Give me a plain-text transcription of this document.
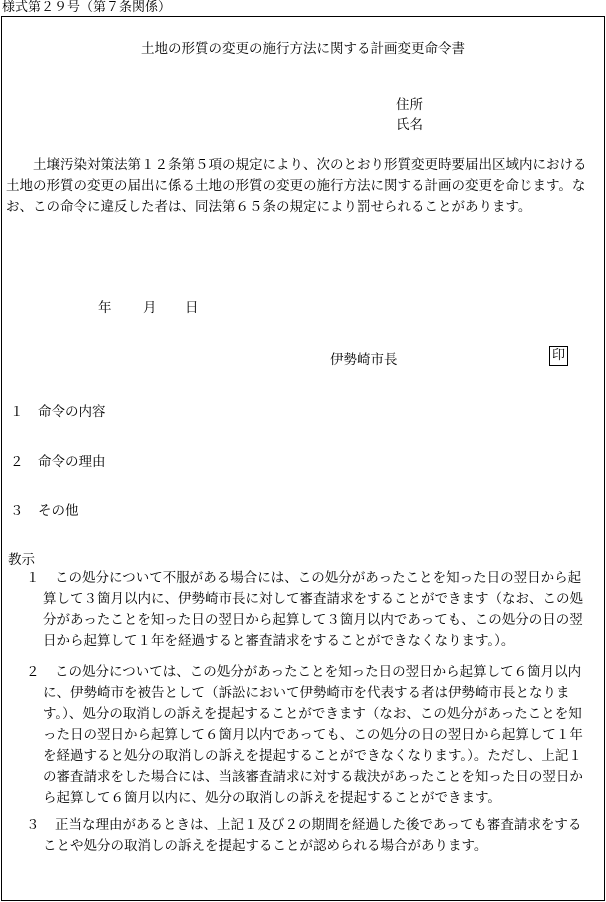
様式第２９号（第７条関係）
土地の形質の変更の施行方法に関する計画変更命令書
住所
氏名
土壌汚染対策法第１２条第５項の規定により、次のとおり形質変更時要届出区域内における土地の形質の変更の届出に係る土地の形質の変更の施行方法に関する計画の変更を命じます。なお、この命令に違反した者は、同法第６５条の規定により罰せられることがあります。
年 月 日
伊勢崎市長	印
１ 命令の内容
２ 命令の理由
３ その他
教示
１	この処分について不服がある場合には、この処分があったことを知った日の翌日から起算して３箇月以内に、伊勢崎市長に対して審査請求をすることができます（なお、この処分があったことを知った日の翌日から起算して３箇月以内であっても、この処分の日の翌日から起算して１年を経過すると審査請求をすることができなくなります。）。
２	この処分については、この処分があったことを知った日の翌日から起算して６箇月以内に、伊勢崎市を被告として（訴訟において伊勢崎市を代表する者は伊勢崎市長となります。）、処分の取消しの訴えを提起することができます（なお、この処分があったことを知った日の翌日から起算して６箇月以内であっても、この処分の日の翌日から起算して１年を経過すると処分の取消しの訴えを提起することができなくなります。）。ただし、上記１の審査請求をした場合には、当該審査請求に対する裁決があったことを知った日の翌日から起算して６箇月以内に、処分の取消しの訴えを提起することができます。
３	正当な理由があるときは、上記１及び２の期間を経過した後であっても審査請求をすることや処分の取消しの訴えを提起することが認められる場合があります。
